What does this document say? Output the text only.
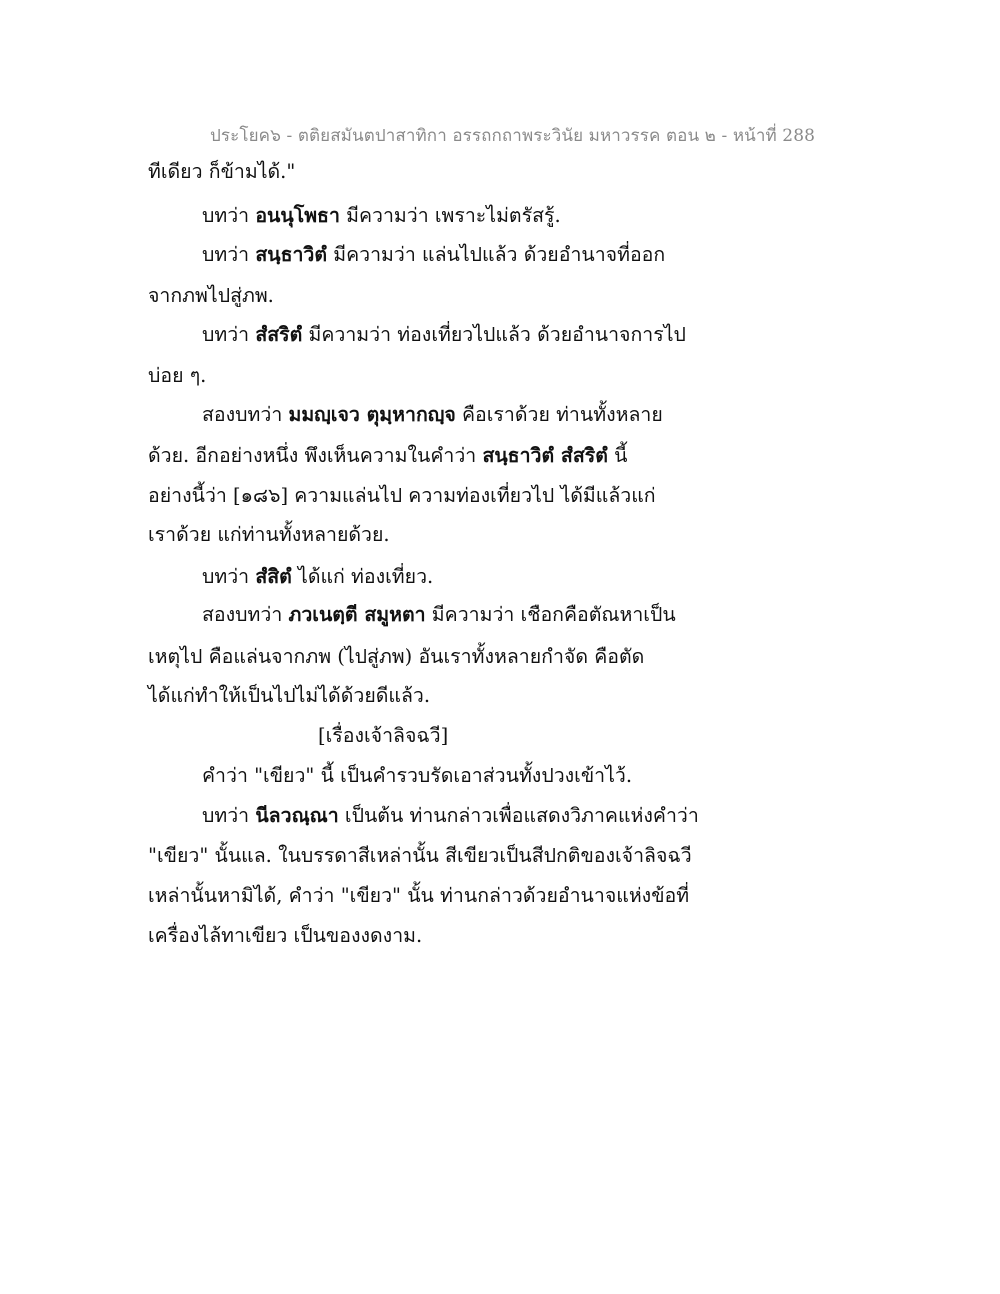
ประโยค๖ - ตติยสมันตปาสาทิกา อรรถกถาพระวินัย มหาวรรค ตอน ๒ - หน้าที่ 288
ทีเดียว ก็ข้ามได้."
บทว่า อนนุโพธา มีความว่า เพราะไม่ตรัสรู้.
บทว่า สนฺธาวิตํ มีความว่า แล่นไปแล้ว ด้วยอำนาจที่ออก
จากภพไปสู่ภพ.
บทว่า สํสริตํ มีความว่า ท่องเที่ยวไปแล้ว ด้วยอำนาจการไป
บ่อย ๆ.
สองบทว่า มมญฺเจว ตุมฺหากญฺจ คือเราด้วย ท่านทั้งหลาย
ด้วย. อีกอย่างหนึ่ง พึงเห็นความในคำว่า สนฺธาวิตํ สํสริตํ นี้
อย่างนี้ว่า [๑๘๖] ความแล่นไป ความท่องเที่ยวไป ได้มีแล้วแก่
เราด้วย แก่ท่านทั้งหลายด้วย.
บทว่า สํสิตํ ได้แก่ ท่องเที่ยว.
สองบทว่า ภวเนตฺตี สมูหตา มีความว่า เชือกคือตัณหาเป็น
เหตุไป คือแล่นจากภพ (ไปสู่ภพ) อันเราทั้งหลายกำจัด คือตัด
ได้แก่ทำให้เป็นไปไม่ได้ด้วยดีแล้ว.
[เรื่องเจ้าลิจฉวี]
คำว่า "เขียว" นี้ เป็นคำรวบรัดเอาส่วนทั้งปวงเข้าไว้.
บทว่า นีลวณฺณา เป็นต้น ท่านกล่าวเพื่อแสดงวิภาคแห่งคำว่า
"เขียว" นั้นแล. ในบรรดาสีเหล่านั้น สีเขียวเป็นสีปกติของเจ้าลิจฉวี
เหล่านั้นหามิได้, คำว่า "เขียว" นั้น ท่านกล่าวด้วยอำนาจแห่งข้อที่
เครื่องไล้ทาเขียว เป็นของงดงาม.
